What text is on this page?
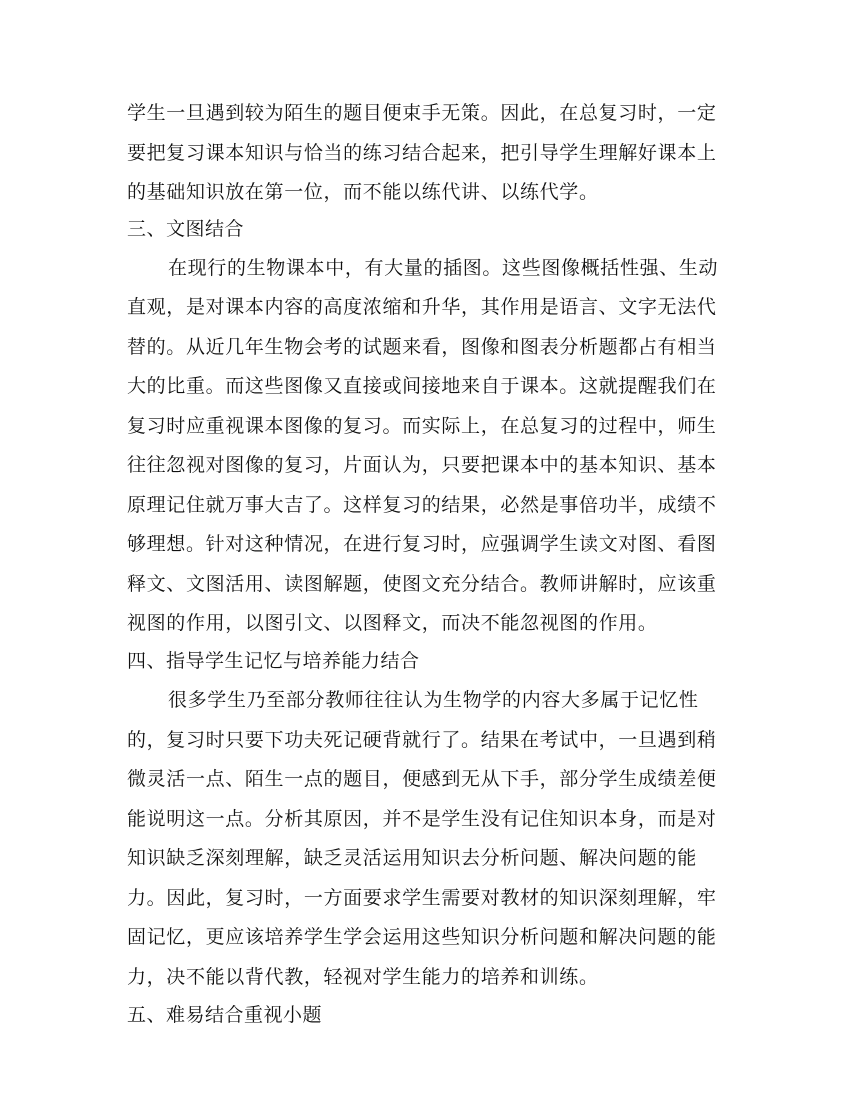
学生一旦遇到较为陌生的题目便束手无策。因此，在总复习时，一定
要把复习课本知识与恰当的练习结合起来，把引导学生理解好课本上
的基础知识放在第一位，而不能以练代讲、以练代学。
三、文图结合
在现行的生物课本中，有大量的插图。这些图像概括性强、生动
直观，是对课本内容的高度浓缩和升华，其作用是语言、文字无法代
替的。从近几年生物会考的试题来看，图像和图表分析题都占有相当
大的比重。而这些图像又直接或间接地来自于课本。这就提醒我们在
复习时应重视课本图像的复习。而实际上，在总复习的过程中，师生
往往忽视对图像的复习，片面认为，只要把课本中的基本知识、基本
原理记住就万事大吉了。这样复习的结果，必然是事倍功半，成绩不
够理想。针对这种情况，在进行复习时，应强调学生读文对图、看图
释文、文图活用、读图解题，使图文充分结合。教师讲解时，应该重
视图的作用，以图引文、以图释文，而决不能忽视图的作用。
四、指导学生记忆与培养能力结合
很多学生乃至部分教师往往认为生物学的内容大多属于记忆性
的，复习时只要下功夫死记硬背就行了。结果在考试中，一旦遇到稍
微灵活一点、陌生一点的题目，便感到无从下手，部分学生成绩差便
能说明这一点。分析其原因，并不是学生没有记住知识本身，而是对
知识缺乏深刻理解，缺乏灵活运用知识去分析问题、解决问题的能
力。因此，复习时，一方面要求学生需要对教材的知识深刻理解，牢
固记忆，更应该培养学生学会运用这些知识分析问题和解决问题的能
力，决不能以背代教，轻视对学生能力的培养和训练。
五、难易结合重视小题
